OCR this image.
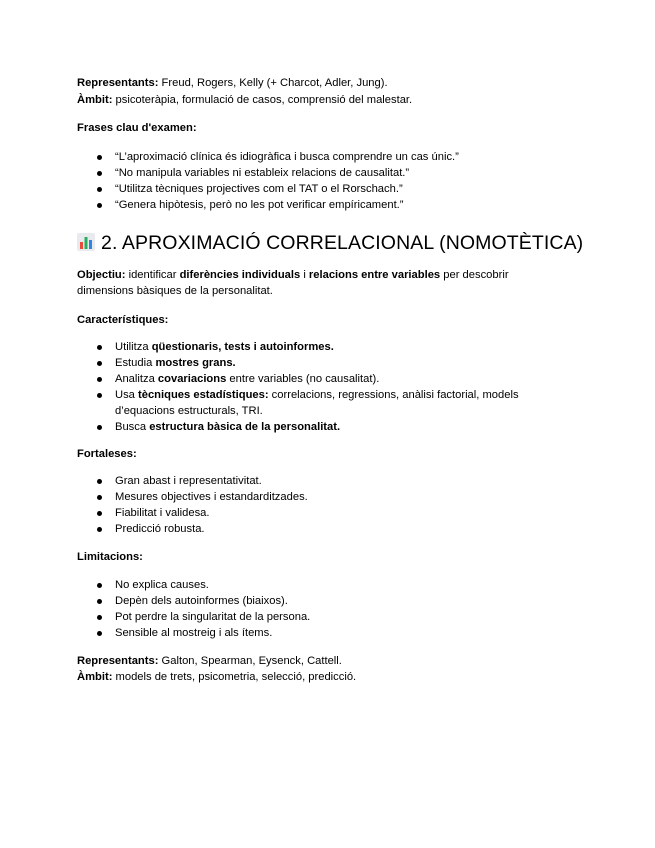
Representants: Freud, Rogers, Kelly (+ Charcot, Adler, Jung).
Àmbit: psicoteràpia, formulació de casos, comprensió del malestar.
Frases clau d'examen:
“L’aproximació clínica és idiogràfica i busca comprendre un cas únic.”
“No manipula variables ni estableix relacions de causalitat.”
“Utilitza tècniques projectives com el TAT o el Rorschach.”
“Genera hipòtesis, però no les pot verificar empíricament.”
2. APROXIMACIÓ CORRELACIONAL (NOMOTÈTICA)
Objectiu: identificar diferències individuals i relacions entre variables per descobrir dimensions bàsiques de la personalitat.
Característiques:
Utilitza qüestionaris, tests i autoinformes.
Estudia mostres grans.
Analitza covariacions entre variables (no causalitat).
Usa tècniques estadístiques: correlacions, regressions, anàlisi factorial, models d’equacions estructurals, TRI.
Busca estructura bàsica de la personalitat.
Fortaleses:
Gran abast i representativitat.
Mesures objectives i estandarditzades.
Fiabilitat i validesa.
Predicció robusta.
Limitacions:
No explica causes.
Depèn dels autoinformes (biaixos).
Pot perdre la singularitat de la persona.
Sensible al mostreig i als ítems.
Representants: Galton, Spearman, Eysenck, Cattell.
Àmbit: models de trets, psicometria, selecció, predicció.
